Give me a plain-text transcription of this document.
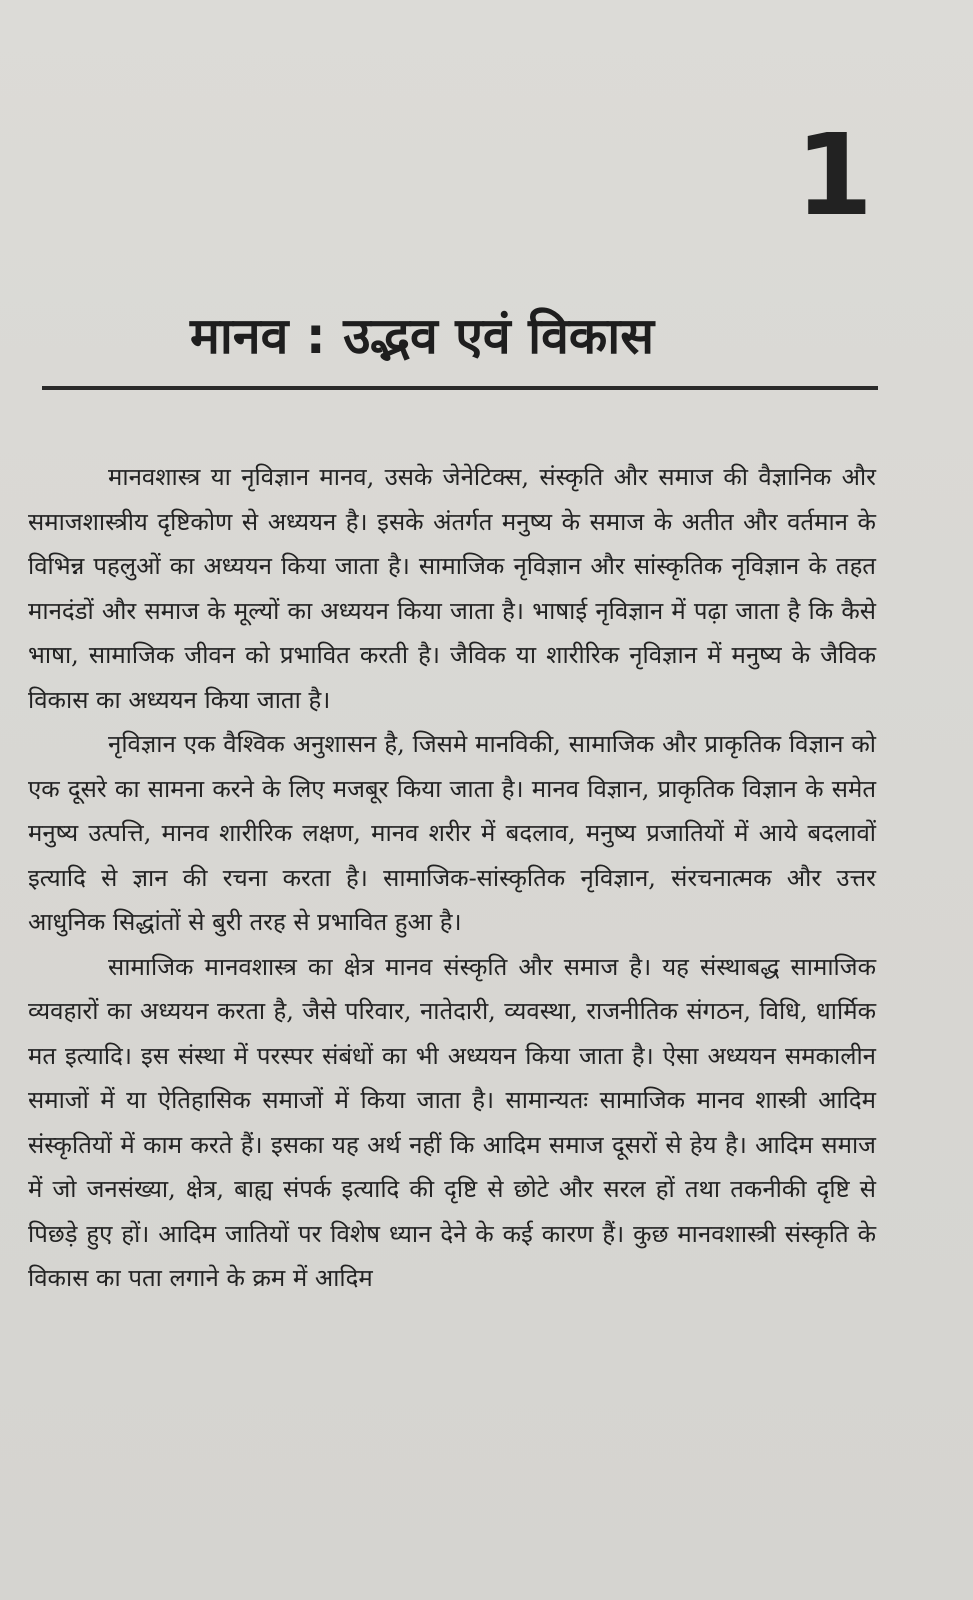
1
मानव : उद्भव एवं विकास

मानवशास्त्र या नृविज्ञान मानव, उसके जेनेटिक्स, संस्कृति और समाज की वैज्ञानिक और समाजशास्त्रीय दृष्टिकोण से अध्ययन है। इसके अंतर्गत मनुष्य के समाज के अतीत और वर्तमान के विभिन्न पहलुओं का अध्ययन किया जाता है। सामाजिक नृविज्ञान और सांस्कृतिक नृविज्ञान के तहत मानदंडों और समाज के मूल्यों का अध्ययन किया जाता है। भाषाई नृविज्ञान में पढ़ा जाता है कि कैसे भाषा, सामाजिक जीवन को प्रभावित करती है। जैविक या शारीरिक नृविज्ञान में मनुष्य के जैविक विकास का अध्ययन किया जाता है।

नृविज्ञान एक वैश्विक अनुशासन है, जिसमे मानविकी, सामाजिक और प्राकृतिक विज्ञान को एक दूसरे का सामना करने के लिए मजबूर किया जाता है। मानव विज्ञान, प्राकृतिक विज्ञान के समेत मनुष्य उत्पत्ति, मानव शारीरिक लक्षण, मानव शरीर में बदलाव, मनुष्य प्रजातियों में आये बदलावों इत्यादि से ज्ञान की रचना करता है। सामाजिक-सांस्कृतिक नृविज्ञान, संरचनात्मक और उत्तर आधुनिक सिद्धांतों से बुरी तरह से प्रभावित हुआ है।

सामाजिक मानवशास्त्र का क्षेत्र मानव संस्कृति और समाज है। यह संस्थाबद्ध सामाजिक व्यवहारों का अध्ययन करता है, जैसे परिवार, नातेदारी, व्यवस्था, राजनीतिक संगठन, विधि, धार्मिक मत इत्यादि। इस संस्था में परस्पर संबंधों का भी अध्ययन किया जाता है। ऐसा अध्ययन समकालीन समाजों में या ऐतिहासिक समाजों में किया जाता है। सामान्यतः सामाजिक मानव शास्त्री आदिम संस्कृतियों में काम करते हैं। इसका यह अर्थ नहीं कि आदिम समाज दूसरों से हेय है। आदिम समाज में जो जनसंख्या, क्षेत्र, बाह्य संपर्क इत्यादि की दृष्टि से छोटे और सरल हों तथा तकनीकी दृष्टि से पिछड़े हुए हों। आदिम जातियों पर विशेष ध्यान देने के कई कारण हैं। कुछ मानवशास्त्री संस्कृति के विकास का पता लगाने के क्रम में आदिम
